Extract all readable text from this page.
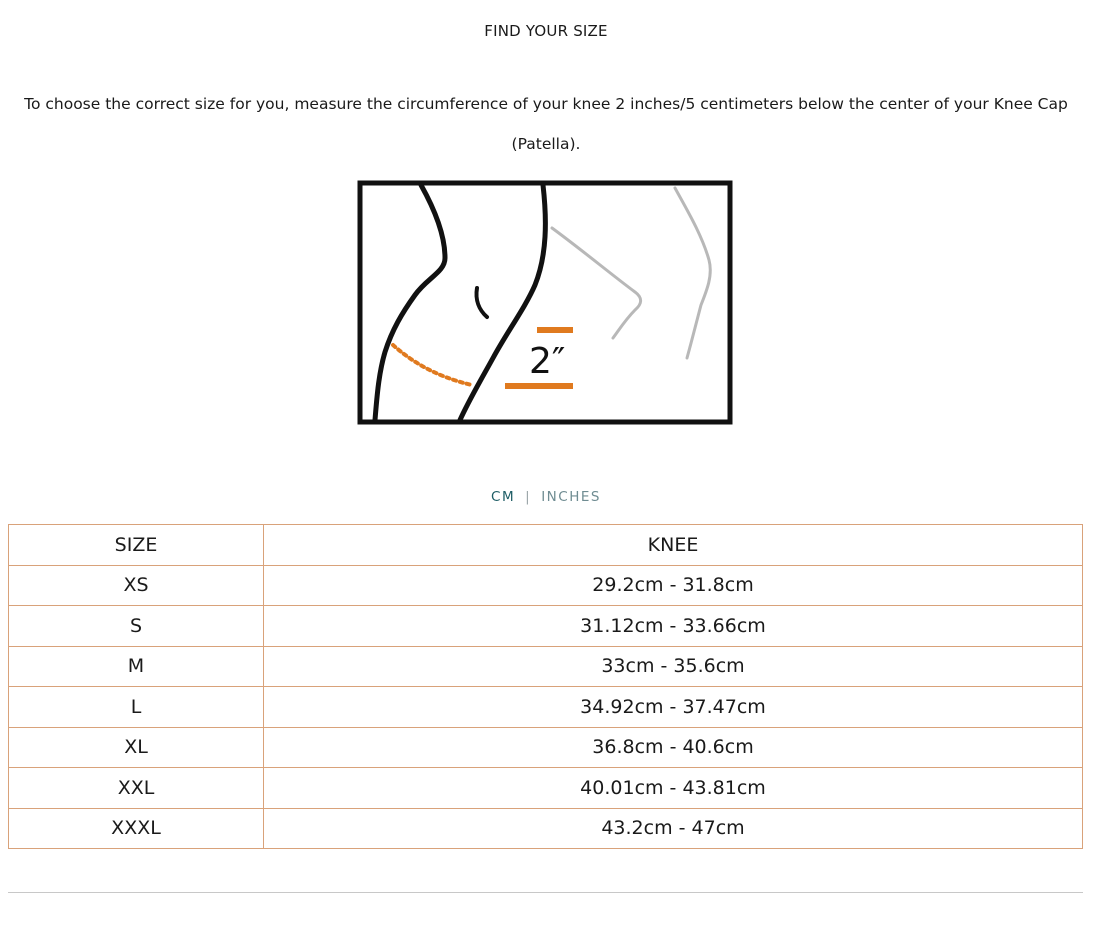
FIND YOUR SIZE
To choose the correct size for you, measure the circumference of your knee 2 inches/5 centimeters below the center of your Knee Cap
(Patella).
2″
CM | INCHES
SIZE	KNEE
XS	29.2cm - 31.8cm
S	31.12cm - 33.66cm
M	33cm - 35.6cm
L	34.92cm - 37.47cm
XL	36.8cm - 40.6cm
XXL	40.01cm - 43.81cm
XXXL	43.2cm - 47cm
